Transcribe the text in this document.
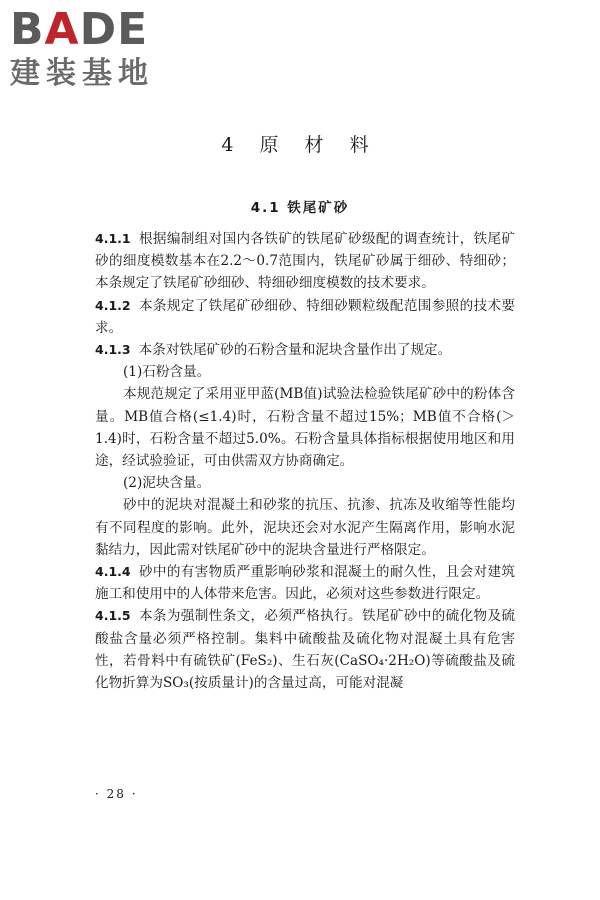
B A D E
建装基地
4 原 材 料
4.1 铁尾矿砂

4.1.1 根据编制组对国内各铁矿的铁尾矿砂级配的调查统计，铁尾矿砂的细度模数基本在2.2～0.7范围内，铁尾矿砂属于细砂、特细砂；本条规定了铁尾矿砂细砂、特细砂细度模数的技术要求。

4.1.2 本条规定了铁尾矿砂细砂、特细砂颗粒级配范围参照的技术要求。

4.1.3 本条对铁尾矿砂的石粉含量和泥块含量作出了规定。

(1)石粉含量。

本规范规定了采用亚甲蓝(MB值)试验法检验铁尾矿砂中的粉体含量。MB值合格(≤1.4)时，石粉含量不超过15%；MB值不合格(＞1.4)时，石粉含量不超过5.0%。石粉含量具体指标根据使用地区和用途，经试验验证，可由供需双方协商确定。

(2)泥块含量。

砂中的泥块对混凝土和砂浆的抗压、抗渗、抗冻及收缩等性能均有不同程度的影响。此外，泥块还会对水泥产生隔离作用，影响水泥黏结力，因此需对铁尾矿砂中的泥块含量进行严格限定。

4.1.4 砂中的有害物质严重影响砂浆和混凝土的耐久性，且会对建筑施工和使用中的人体带来危害。因此，必须对这些参数进行限定。

4.1.5 本条为强制性条文，必须严格执行。铁尾矿砂中的硫化物及硫酸盐含量必须严格控制。集料中硫酸盐及硫化物对混凝土具有危害性，若骨料中有硫铁矿(FeS₂)、生石灰(CaSO₄·2H₂O)等硫酸盐及硫化物折算为SO₃(按质量计)的含量过高，可能对混凝

· 28 ·
